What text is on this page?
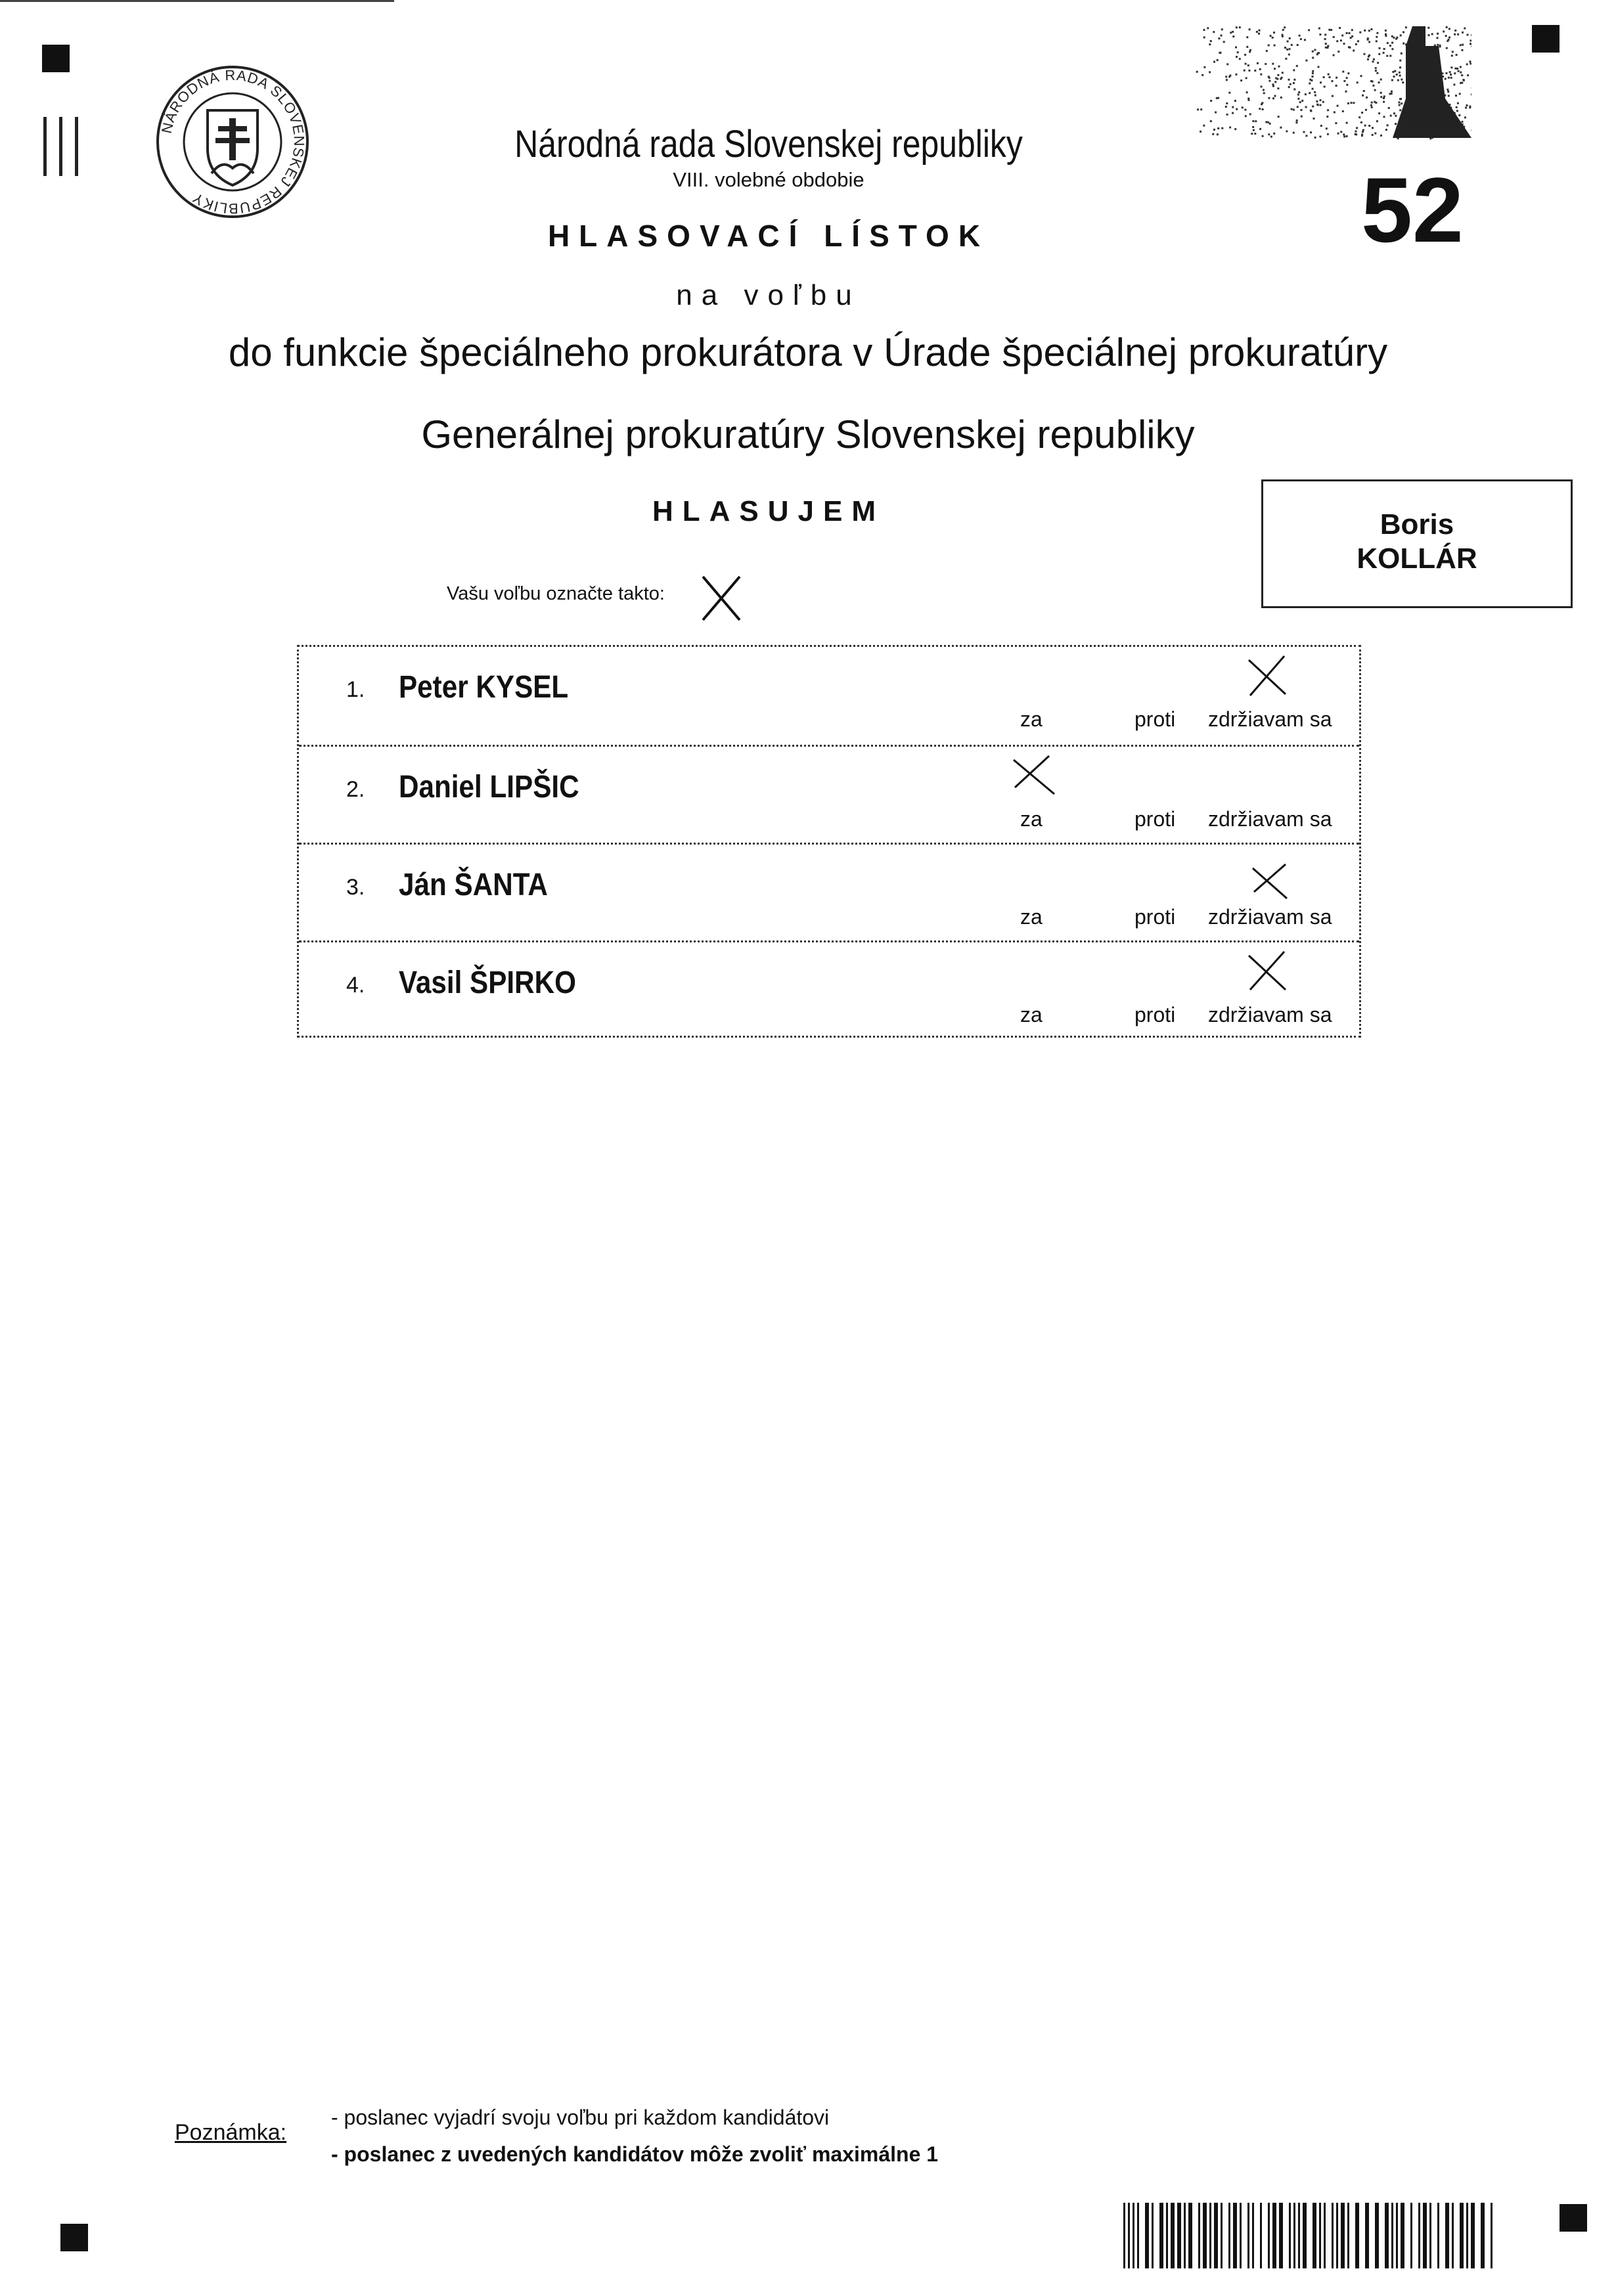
NÁRODNÁ RADA SLOVENSKEJ REPUBLIKY
Národná rada Slovenskej republiky
VIII. volebné obdobie
HLASOVACÍ LÍSTOK
na voľbu
do funkcie špeciálneho prokurátora v Úrade špeciálnej prokuratúry
Generálnej prokuratúry Slovenskej republiky
52
Boris
KOLLÁR
HLASUJEM
Vašu voľbu označte takto:
1. Peter KYSEL
za	proti zdržiavam sa
2. Daniel LIPŠIC
za	proti zdržiavam sa
3. Ján ŠANTA
za	proti zdržiavam sa
4. Vasil ŠPIRKO
za	proti zdržiavam sa
Poznámka:
- poslanec vyjadrí svoju voľbu pri každom kandidátovi
- poslanec z uvedených kandidátov môže zvoliť maximálne 1
